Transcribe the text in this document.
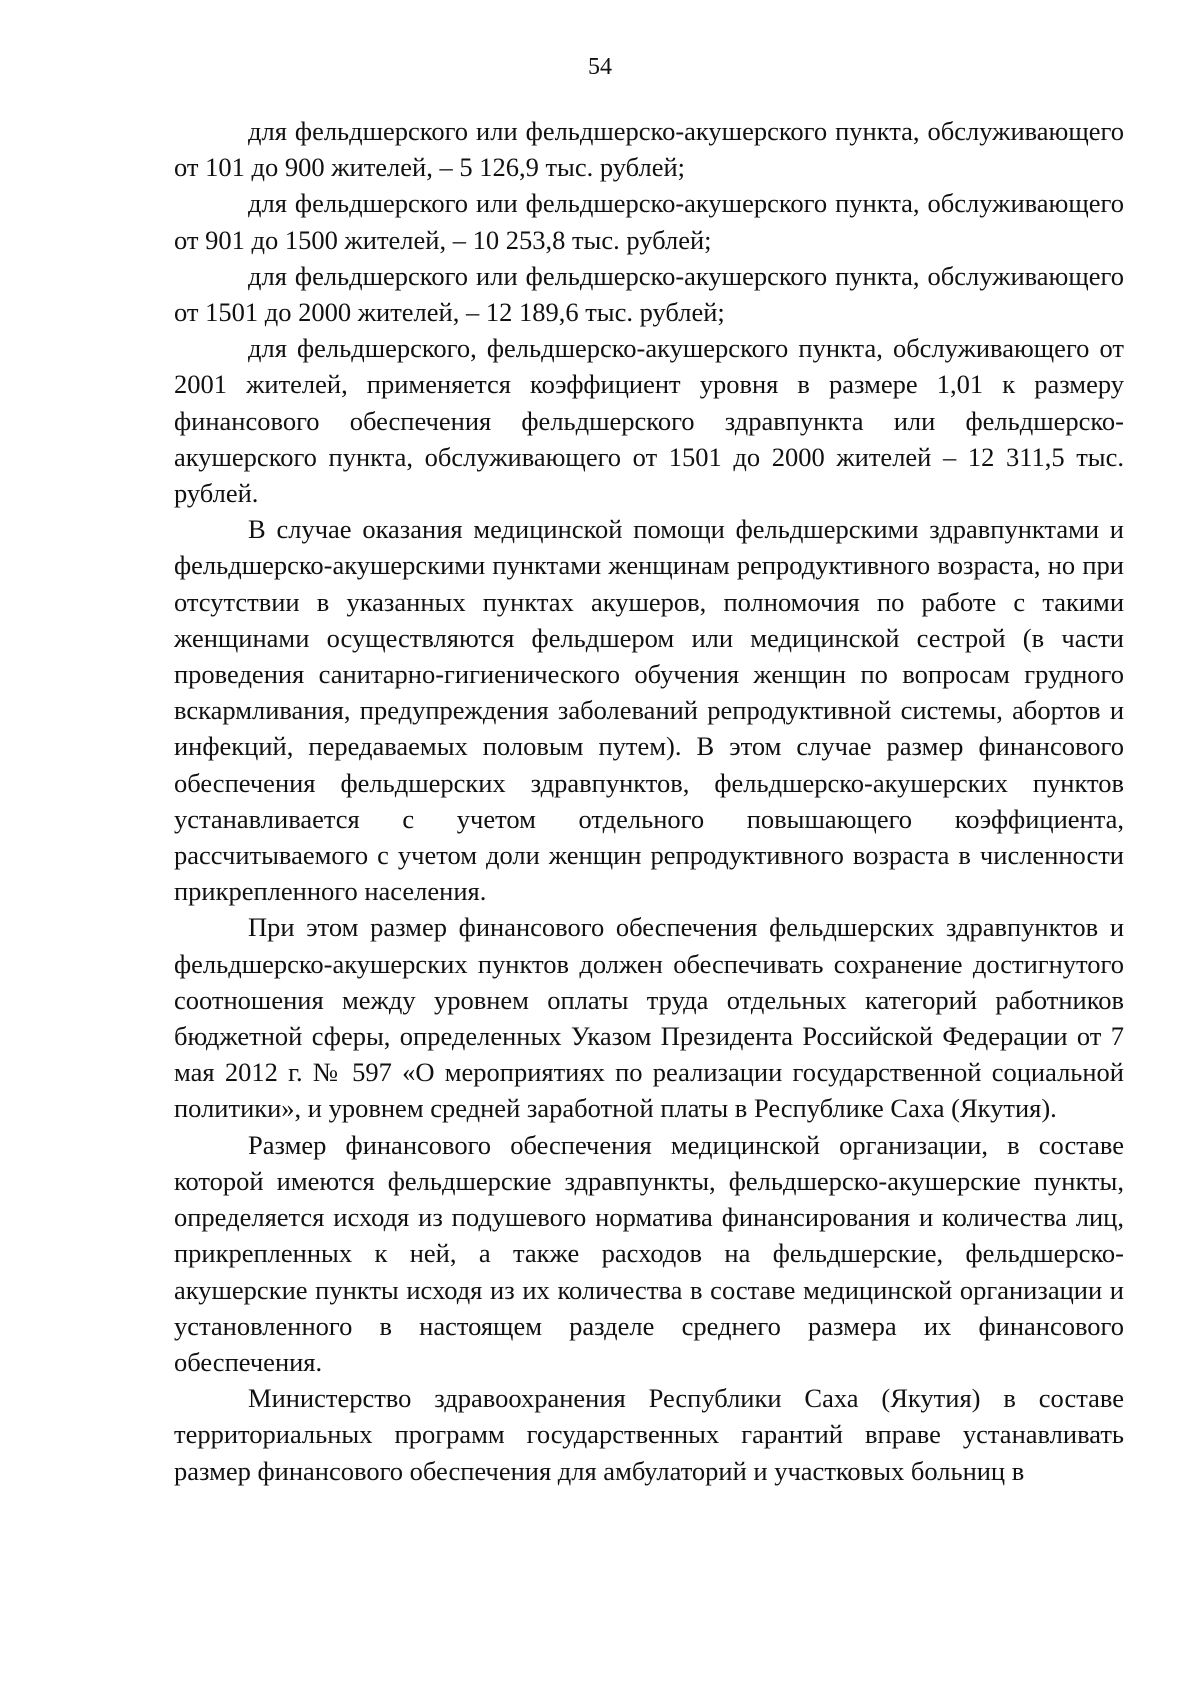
54

для фельдшерского или фельдшерско-акушерского пункта, обслуживающего от 101 до 900 жителей, – 5 126,9 тыс. рублей;

для фельдшерского или фельдшерско-акушерского пункта, обслуживающего от 901 до 1500 жителей, – 10 253,8 тыс. рублей;

для фельдшерского или фельдшерско-акушерского пункта, обслуживающего от 1501 до 2000 жителей, – 12 189,6 тыс. рублей;

для фельдшерского, фельдшерско-акушерского пункта, обслуживающего от 2001 жителей, применяется коэффициент уровня в размере 1,01 к размеру финансового обеспечения фельдшерского здравпункта или фельдшерско-акушерского пункта, обслуживающего от 1501 до 2000 жителей – 12 311,5 тыс. рублей.

В случае оказания медицинской помощи фельдшерскими здравпунктами и фельдшерско-акушерскими пунктами женщинам репродуктивного возраста, но при отсутствии в указанных пунктах акушеров, полномочия по работе с такими женщинами осуществляются фельдшером или медицинской сестрой (в части проведения санитарно-гигиенического обучения женщин по вопросам грудного вскармливания, предупреждения заболеваний репродуктивной системы, абортов и инфекций, передаваемых половым путем). В этом случае размер финансового обеспечения фельдшерских здравпунктов, фельдшерско-акушерских пунктов устанавливается с учетом отдельного повышающего коэффициента, рассчитываемого с учетом доли женщин репродуктивного возраста в численности прикрепленного населения.

При этом размер финансового обеспечения фельдшерских здравпунктов и фельдшерско-акушерских пунктов должен обеспечивать сохранение достигнутого соотношения между уровнем оплаты труда отдельных категорий работников бюджетной сферы, определенных Указом Президента Российской Федерации от 7 мая 2012 г. № 597 «О мероприятиях по реализации государственной социальной политики», и уровнем средней заработной платы в Республике Саха (Якутия).

Размер финансового обеспечения медицинской организации, в составе которой имеются фельдшерские здравпункты, фельдшерско-акушерские пункты, определяется исходя из подушевого норматива финансирования и количества лиц, прикрепленных к ней, а также расходов на фельдшерские, фельдшерско-акушерские пункты исходя из их количества в составе медицинской организации и установленного в настоящем разделе среднего размера их финансового обеспечения.

Министерство здравоохранения Республики Саха (Якутия) в составе территориальных программ государственных гарантий вправе устанавливать размер финансового обеспечения для амбулаторий и участковых больниц в
